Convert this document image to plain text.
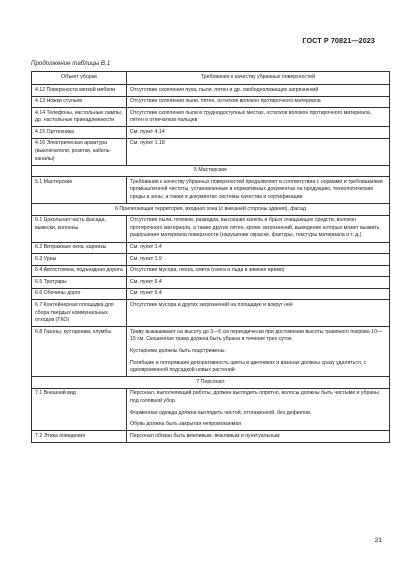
ГОСТ Р 70821—2023
Продолжение таблицы В.1
Объект уборки	Требования к качеству убранных поверхностей
4.12 Поверхности мягкой мебели	Отсутствие скопления пуха, пыли, пятен и др. свободнолежащих загрязнений

4.13 Ножки стульев	Отсутствие скопления пыли, пятен, остатков волокон протирочного материала

4.14 Телефоны, настольные лампы, др. настольные принадлежности	Отсутствие скопления пыли в труднодоступных местах, остатков волокон протирочного материала, пятен и отпечатков пальцев

4.15 Оргтехника	См. пункт 4.14

4.16 Электрическая арматура (выключатели, розетки, кабель-каналы)	См. пункт 1.18

5 Мастерские	
5.1 Мастерские	Требования к качеству убранных поверхностей предъявляют в соответствии с нормами и требованиями промышленной чистоты, установленные в нормативных документах на продукцию, технологические среды и зоны, а также в документах системы качества и сертификации

6 Прилегающая территория, входная зона (с внешней стороны здания), фасад	
6.1 Цокольная часть фасада, вывески, колонны	Отсутствие пыли, потеков, разводов, высохших капель и брызг очищающих средств, волокон протирочного материала, а также других пятен, кроме загрязнений, выведение которых может вызвать разрушение материала поверхности (нарушение окраски, фактуры, текстуры материала и т. д.)

6.2 Витражные окна, карнизы	См. пункт 1.4

6.3 Урны	См. пункт 1.9

6.4 Автостоянка, подъездная дорога	Отсутствие мусора, песка, смета (снега и льда в зимнее время)

6.5 Тротуары	См. пункт 6.4

6.6 Обочины дорог	См. пункт 6.4

6.7 Контейнерная площадка для сбора твердых коммунальных отходов (ТКО)	Отсутствие мусора и других загрязнений на площадке и вокруг неё

6.8 Газоны, кустарники, клумбы	Траву выкашивают на высоту до 3—5 см периодически при достижении высоты травяного покрова 10—15 см. Скошенная трава должна быть убрана в течение трех суток.

Кустарники должны быть подстрижены.

Погибшие и потерявшие декоративность цветы в цветниках и вазонах должны сразу удаляться, с одновременной подсадкой новых растений

7 Персонал	
7.1 Внешний вид	Персонал, выполняющий работы, должен выглядеть опрятно, волосы должны быть чистыми и убраны под головной убор.

Форменная одежда должна выглядеть чистой, отглаженной, без дефектов.

Обувь должна быть закрытая непромокаемая

7.2 Этика поведения	Персонал обязан быть вежливым, вежливым и пунктуальным

21
